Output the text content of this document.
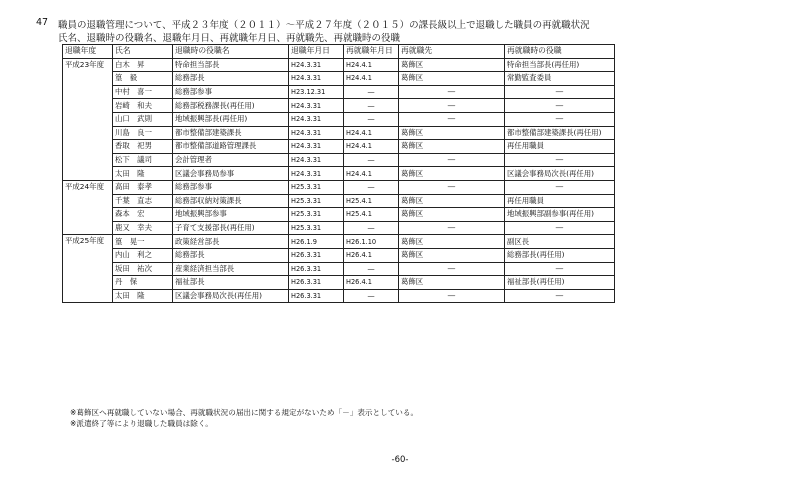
47 職員の退職管理について、平成２３年度（２０１１）～平成２７年度（２０１５）の課長級以上で退職した職員の再就職状況
氏名、退職時の役職名、退職年月日、再就職年月日、再就職先、再就職時の役職
退職年度	氏名	退職時の役職名	退職年月日	再就職年月日	再就職先	再就職時の役職
平成23年度	白木　昇	特命担当部長	H24.3.31	H24.4.1	葛飾区	特命担当部長(再任用)
	篁　毅	総務部長	H24.3.31	H24.4.1	葛飾区	常勤監査委員
	中村　喜一	総務部参事	H23.12.31	―	―	―
	岩崎　和夫	総務部税務課長(再任用)	H24.3.31	―	―	―
	山口　武則	地域振興部長(再任用)	H24.3.31	―	―	―
	川島　良一	都市整備部建築課長	H24.3.31	H24.4.1	葛飾区	都市整備部建築課長(再任用)
	香取　祀男	都市整備部道路管理課長	H24.3.31	H24.4.1	葛飾区	再任用職員
	松下　議司	会計管理者	H24.3.31	―	―	―
	太田　隆	区議会事務局参事	H24.3.31	H24.4.1	葛飾区	区議会事務局次長(再任用)
平成24年度	高田　泰孝	総務部参事	H25.3.31	―	―	―
	千葉　直志	総務部収納対策課長	H25.3.31	H25.4.1	葛飾区	再任用職員
	森本　宏	地域振興部参事	H25.3.31	H25.4.1	葛飾区	地域振興部副参事(再任用)
	鹿又　幸夫	子育て支援部長(再任用)	H25.3.31	―	―	―
平成25年度	篁　晃一	政策経営部長	H26.1.9	H26.1.10	葛飾区	副区長
	内山　利之	総務部長	H26.3.31	H26.4.1	葛飾区	総務部長(再任用)
	坂田　祐次	産業経済担当部長	H26.3.31	―	―	―
	丹　保	福祉部長	H26.3.31	H26.4.1	葛飾区	福祉部長(再任用)
	太田　隆	区議会事務局次長(再任用)	H26.3.31	―	―	―
※葛飾区へ再就職していない場合、再就職状況の届出に関する規定がないため「－」表示としている。
※派遣終了等により退職した職員は除く。
-60-
